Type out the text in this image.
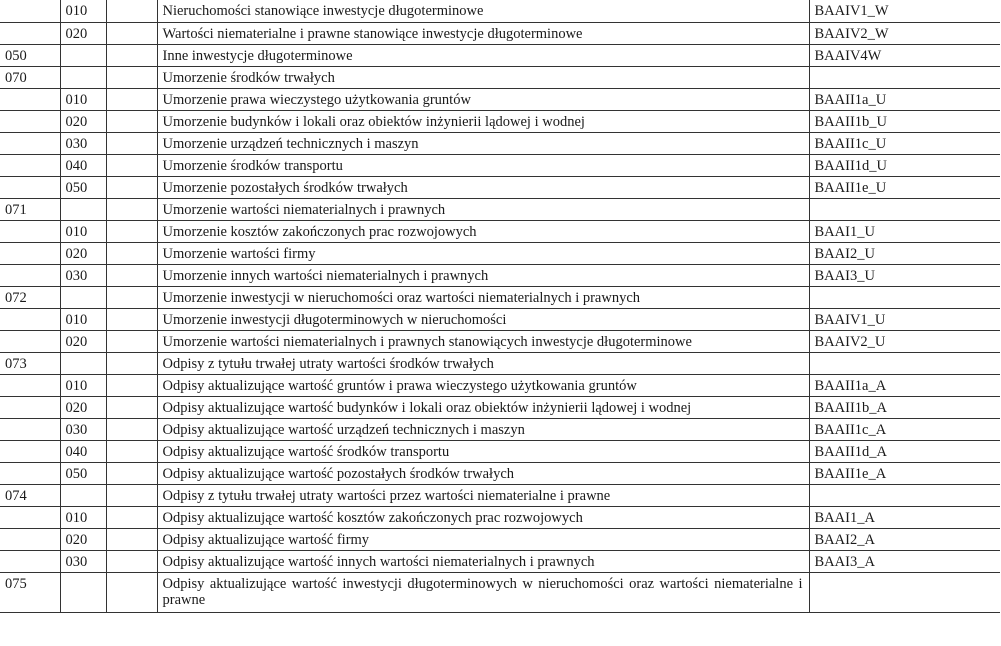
	010		Nieruchomości stanowiące inwestycje długoterminowe	BAAIV1_W
	020		Wartości niematerialne i prawne stanowiące inwestycje długoterminowe	BAAIV2_W
050			Inne inwestycje długoterminowe	BAAIV4W
070			Umorzenie środków trwałych	
	010		Umorzenie prawa wieczystego użytkowania gruntów	BAAII1a_U
	020		Umorzenie budynków i lokali oraz obiektów inżynierii lądowej i wodnej	BAAII1b_U
	030		Umorzenie urządzeń technicznych i maszyn	BAAII1c_U
	040		Umorzenie środków transportu	BAAII1d_U
	050		Umorzenie pozostałych środków trwałych	BAAII1e_U
071			Umorzenie wartości niematerialnych i prawnych	
	010		Umorzenie kosztów zakończonych prac rozwojowych	BAAI1_U
	020		Umorzenie wartości firmy	BAAI2_U
	030		Umorzenie innych wartości niematerialnych i prawnych	BAAI3_U
072			Umorzenie inwestycji w nieruchomości oraz wartości niematerialnych i prawnych	
	010		Umorzenie inwestycji długoterminowych w nieruchomości	BAAIV1_U
	020		Umorzenie wartości niematerialnych i prawnych stanowiących inwestycje długoterminowe	BAAIV2_U
073			Odpisy z tytułu trwałej utraty wartości środków trwałych	
	010		Odpisy aktualizujące wartość gruntów i prawa wieczystego użytkowania gruntów	BAAII1a_A
	020		Odpisy aktualizujące wartość budynków i lokali oraz obiektów inżynierii lądowej i wodnej	BAAII1b_A
	030		Odpisy aktualizujące wartość urządzeń technicznych i maszyn	BAAII1c_A
	040		Odpisy aktualizujące wartość środków transportu	BAAII1d_A
	050		Odpisy aktualizujące wartość pozostałych środków trwałych	BAAII1e_A
074			Odpisy z tytułu trwałej utraty wartości przez wartości niematerialne i prawne	
	010		Odpisy aktualizujące wartość kosztów zakończonych prac rozwojowych	BAAI1_A
	020		Odpisy aktualizujące wartość firmy	BAAI2_A
	030		Odpisy aktualizujące wartość innych wartości niematerialnych i prawnych	BAAI3_A
075			Odpisy aktualizujące wartość inwestycji długoterminowych w nieruchomości oraz wartości niematerialne i prawne	
